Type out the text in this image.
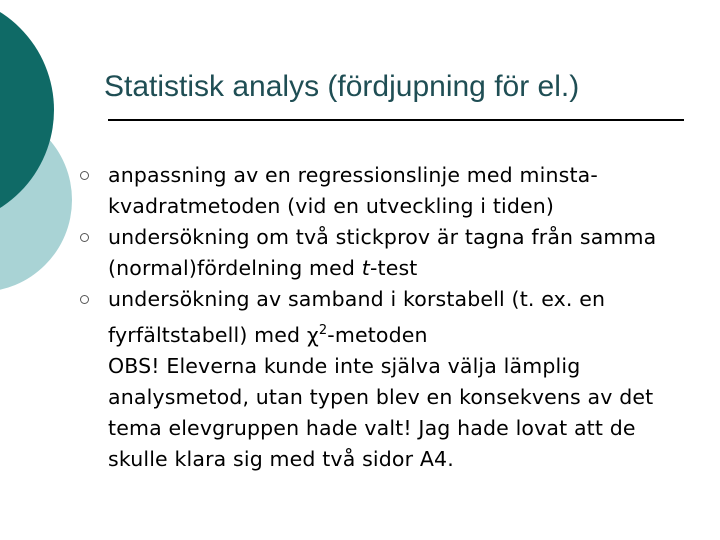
Statistisk analys (fördjupning för el.)
anpassning av en regressionslinje med minsta-kvadratmetoden (vid en utveckling i tiden)
undersökning om två stickprov är tagna från samma (normal)fördelning med t-test
undersökning av samband i korstabell (t. ex. en fyrfältstabell) med $\chi^2$-metoden
OBS! Eleverna kunde inte själva välja lämplig analysmetod, utan typen blev en konsekvens av det tema elevgruppen hade valt! Jag hade lovat att de skulle klara sig med två sidor A4.
